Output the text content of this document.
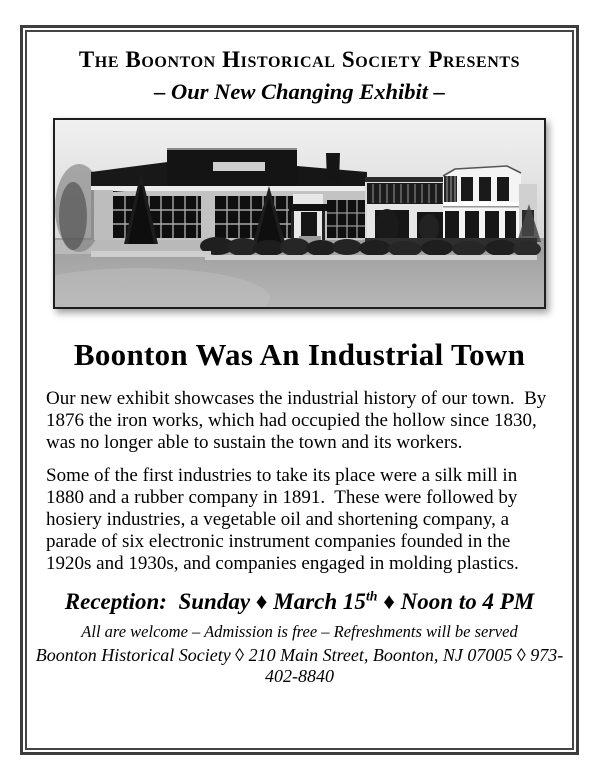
The Boonton Historical Society Presents
– Our New Changing Exhibit –
Boonton Was An Industrial Town
Our new exhibit showcases the industrial history of our town.  By 1876 the iron works, which had occupied the hollow since 1830, was no longer able to sustain the town and its workers.
Some of the first industries to take its place were a silk mill in 1880 and a rubber company in 1891.  These were followed by hosiery industries, a vegetable oil and shortening company, a parade of six electronic instrument companies founded in the 1920s and 1930s, and companies engaged in molding plastics.
Reception:  Sunday ♦ March 15th ♦ Noon to 4 PM
All are welcome – Admission is free – Refreshments will be served
Boonton Historical Society ◊ 210 Main Street, Boonton, NJ 07005 ◊ 973-402-8840
